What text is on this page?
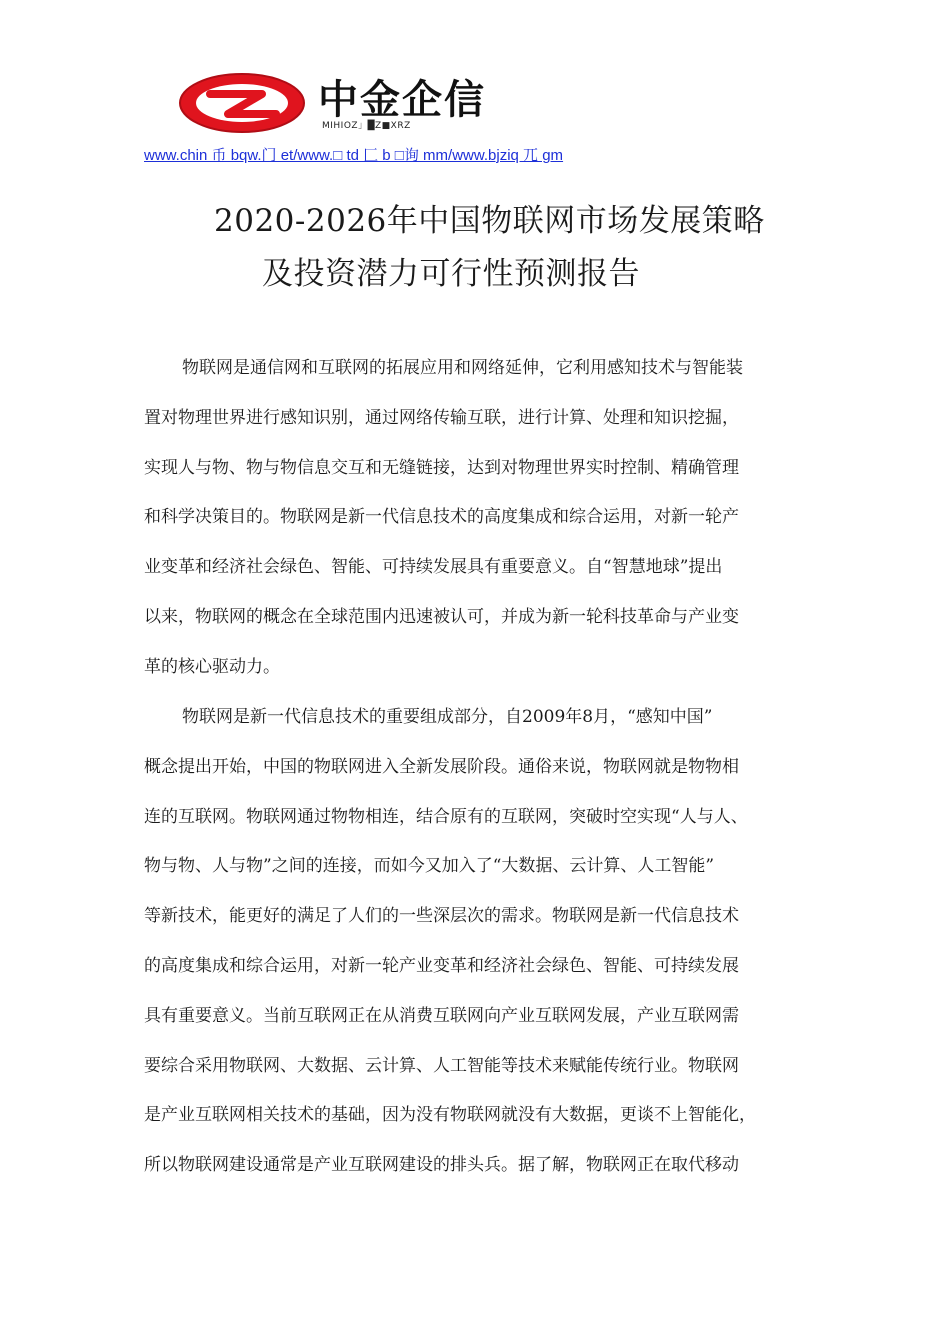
中金企信
MIHIOZ」█Z■XRZ
www.chin 币 bqw.门 et/www.□ td 匚 b □询 mm/www.bjziq 兀 gm
2020-2026年中国物联网市场发展策略
及投资潜力可行性预测报告
物联网是通信网和互联网的拓展应用和网络延伸，它利用感知技术与智能装
置对物理世界进行感知识别，通过网络传输互联，进行计算、处理和知识挖掘，
实现人与物、物与物信息交互和无缝链接，达到对物理世界实时控制、精确管理
和科学决策目的。物联网是新一代信息技术的高度集成和综合运用，对新一轮产
业变革和经济社会绿色、智能、可持续发展具有重要意义。自“智慧地球”提出
以来，物联网的概念在全球范围内迅速被认可，并成为新一轮科技革命与产业变
革的核心驱动力。
物联网是新一代信息技术的重要组成部分，自2009年8月，“感知中国”
概念提出开始，中国的物联网进入全新发展阶段。通俗来说，物联网就是物物相
连的互联网。物联网通过物物相连，结合原有的互联网，突破时空实现“人与人、
物与物、人与物”之间的连接，而如今又加入了“大数据、云计算、人工智能”
等新技术，能更好的满足了人们的一些深层次的需求。物联网是新一代信息技术
的高度集成和综合运用，对新一轮产业变革和经济社会绿色、智能、可持续发展
具有重要意义。当前互联网正在从消费互联网向产业互联网发展，产业互联网需
要综合采用物联网、大数据、云计算、人工智能等技术来赋能传统行业。物联网
是产业互联网相关技术的基础，因为没有物联网就没有大数据，更谈不上智能化，
所以物联网建设通常是产业互联网建设的排头兵。据了解，物联网正在取代移动
